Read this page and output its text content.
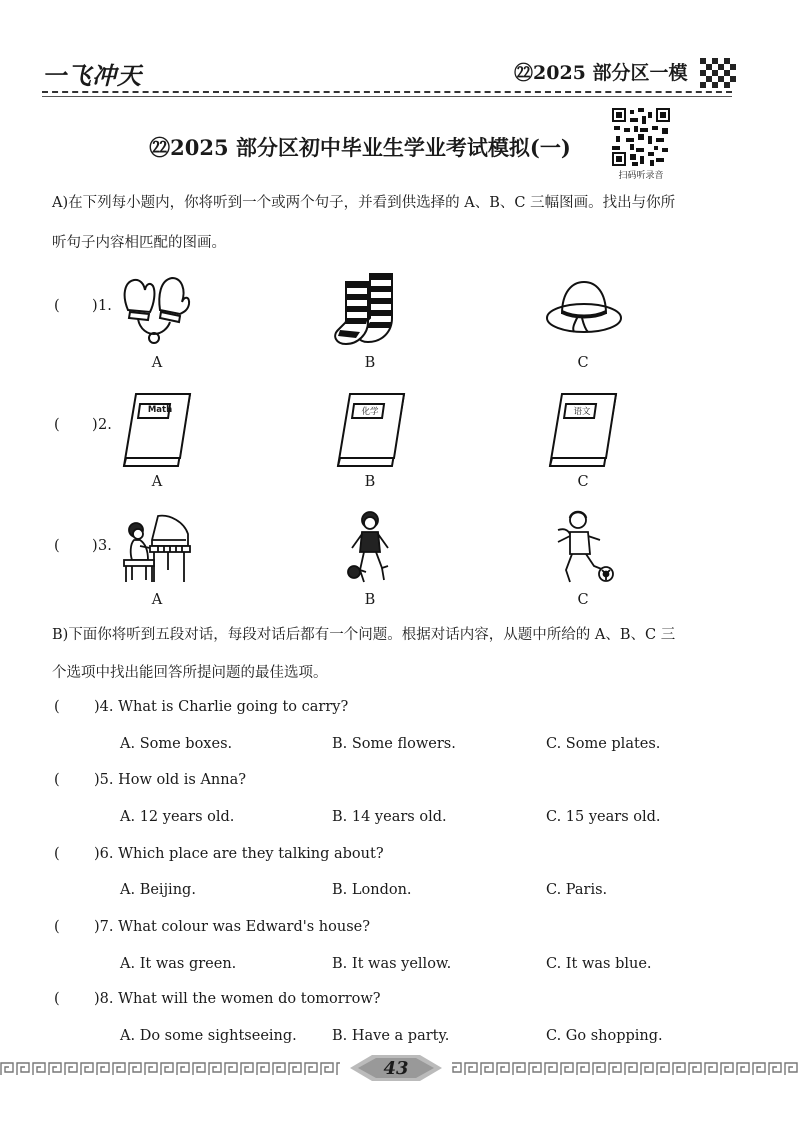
一飞冲天	㉒2025 部分区一模
㉒2025 部分区初中毕业生学业考试模拟(一)
扫码听录音
A)在下列每小题内，你将听到一个或两个句子，并看到供选择的 A、B、C 三幅图画。找出与你所
听句子内容相匹配的图画。
( ) 1.
A	B	C
( ) 2.
Math	化学	语文
A	B	C
( ) 3.
A	B	C
B)下面你将听到五段对话，每段对话后都有一个问题。根据对话内容，从题中所给的 A、B、C 三
个选项中找出能回答所提问题的最佳选项。
( )4. What is Charlie going to carry?
A. Some boxes.	B. Some flowers.	C. Some plates.
( )5. How old is Anna?
A. 12 years old.	B. 14 years old.	C. 15 years old.
( )6. Which place are they talking about?
A. Beijing.	B. London.	C. Paris.
( )7. What colour was Edward's house?
A. It was green.	B. It was yellow.	C. It was blue.
( )8. What will the women do tomorrow?
A. Do some sightseeing. B. Have a party.	C. Go shopping.
43
